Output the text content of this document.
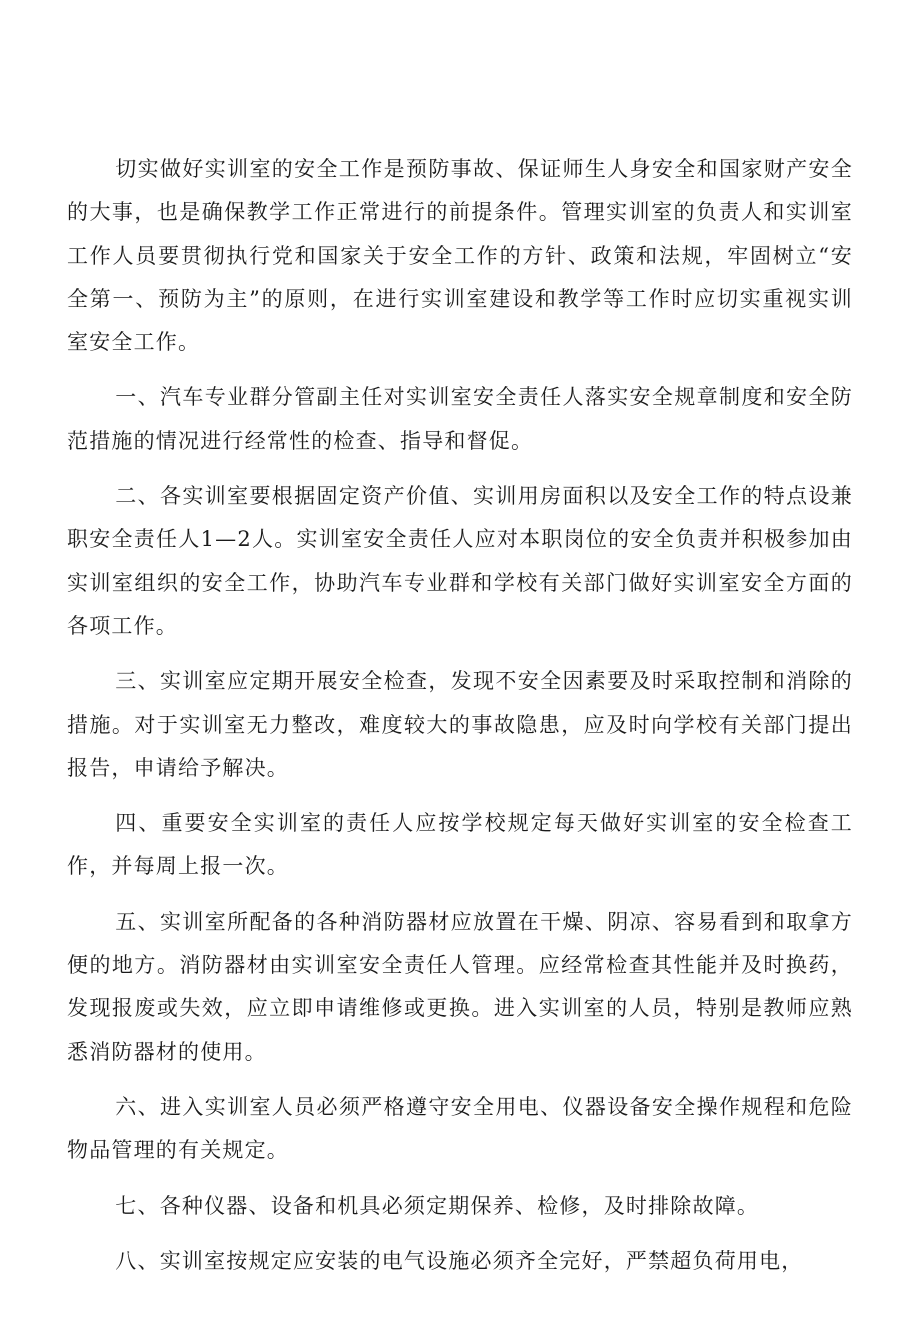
切实做好实训室的安全工作是预防事故、保证师生人身安全和国家财产安全的大事，也是确保教学工作正常进行的前提条件。管理实训室的负责人和实训室工作人员要贯彻执行党和国家关于安全工作的方针、政策和法规，牢固树立“安全第一、预防为主”的原则，在进行实训室建设和教学等工作时应切实重视实训室安全工作。

一、汽车专业群分管副主任对实训室安全责任人落实安全规章制度和安全防范措施的情况进行经常性的检查、指导和督促。

二、各实训室要根据固定资产价值、实训用房面积以及安全工作的特点设兼职安全责任人1—2人。实训室安全责任人应对本职岗位的安全负责并积极参加由实训室组织的安全工作，协助汽车专业群和学校有关部门做好实训室安全方面的各项工作。

三、实训室应定期开展安全检查，发现不安全因素要及时采取控制和消除的措施。对于实训室无力整改，难度较大的事故隐患，应及时向学校有关部门提出报告，申请给予解决。

四、重要安全实训室的责任人应按学校规定每天做好实训室的安全检查工作，并每周上报一次。

五、实训室所配备的各种消防器材应放置在干燥、阴凉、容易看到和取拿方便的地方。消防器材由实训室安全责任人管理。应经常检查其性能并及时换药，发现报废或失效，应立即申请维修或更换。进入实训室的人员，特别是教师应熟悉消防器材的使用。

六、进入实训室人员必须严格遵守安全用电、仪器设备安全操作规程和危险物品管理的有关规定。

七、各种仪器、设备和机具必须定期保养、检修，及时排除故障。

八、实训室按规定应安装的电气设施必须齐全完好，严禁超负荷用电，
